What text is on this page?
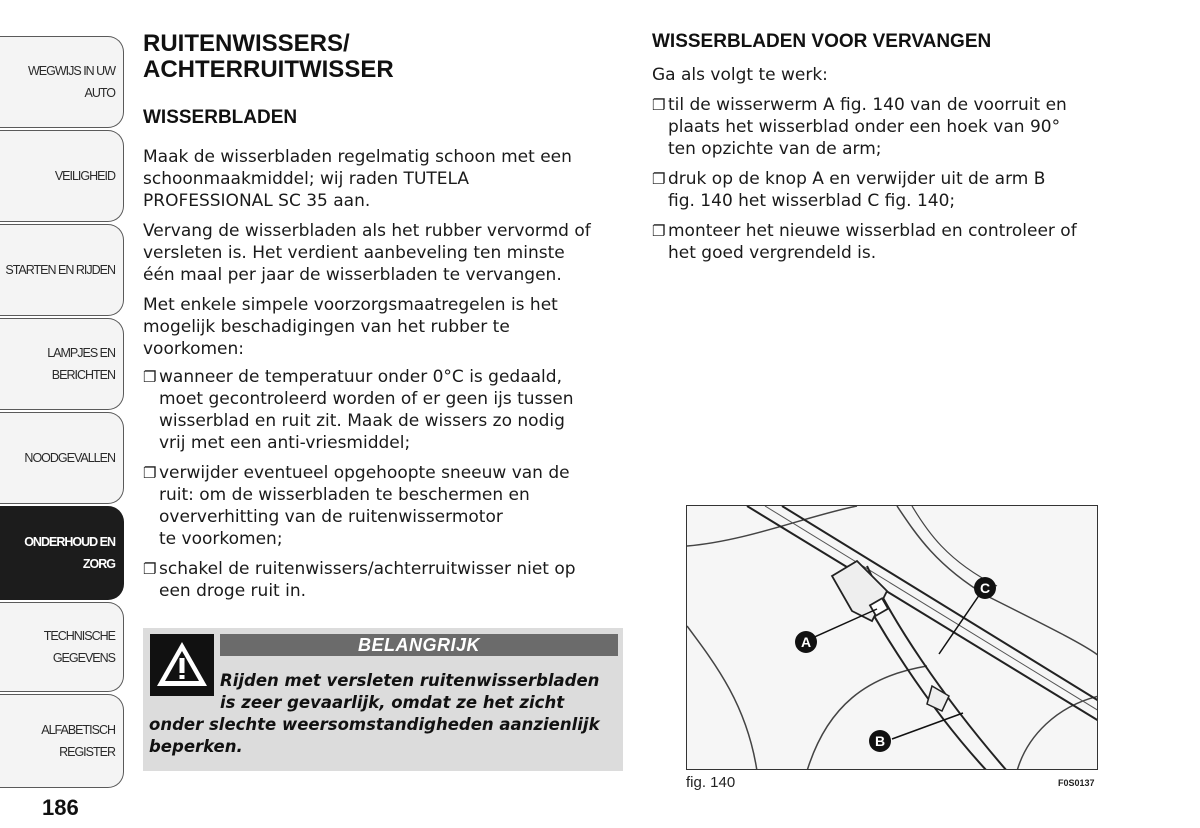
WEGWIJS IN UW
AUTO
VEILIGHEID
STARTEN EN RIJDEN
LAMPJES EN
BERICHTEN
NOODGEVALLEN
ONDERHOUD EN
ZORG
TECHNISCHE
GEGEVENS
ALFABETISCH
REGISTER
186
RUITENWISSERS/
ACHTERRUITWISSER
WISSERBLADEN

Maak de wisserbladen regelmatig schoon met een
schoonmaakmiddel; wij raden TUTELA
PROFESSIONAL SC 35 aan.

Vervang de wisserbladen als het rubber vervormd of
versleten is. Het verdient aanbeveling ten minste
één maal per jaar de wisserbladen te vervangen.

Met enkele simpele voorzorgsmaatregelen is het
mogelijk beschadigingen van het rubber te
voorkomen:

❐ wanneer de temperatuur onder 0°C is gedaald,
moet gecontroleerd worden of er geen ijs tussen
wisserblad en ruit zit. Maak de wissers zo nodig
vrij met een anti-vriesmiddel;
❐ verwijder eventueel opgehoopte sneeuw van de
ruit: om de wisserbladen te beschermen en
oververhitting van de ruitenwissermotor
te voorkomen;
❐ schakel de ruitenwissers/achterruitwisser niet op
een droge ruit in.
BELANGRIJK
Rijden met versleten ruitenwisserbladen
is zeer gevaarlijk, omdat ze het zicht
onder slechte weersomstandigheden aanzienlijk
beperken.
WISSERBLADEN VOOR VERVANGEN

Ga als volgt te werk:

❐ til de wisserwerm A fig. 140 van de voorruit en
plaats het wisserblad onder een hoek van 90°
ten opzichte van de arm;
❐ druk op de knop A en verwijder uit de arm B
fig. 140 het wisserblad C fig. 140;
❐ monteer het nieuwe wisserblad en controleer of
het goed vergrendeld is.
A
C
B
fig. 140	F0S0137
